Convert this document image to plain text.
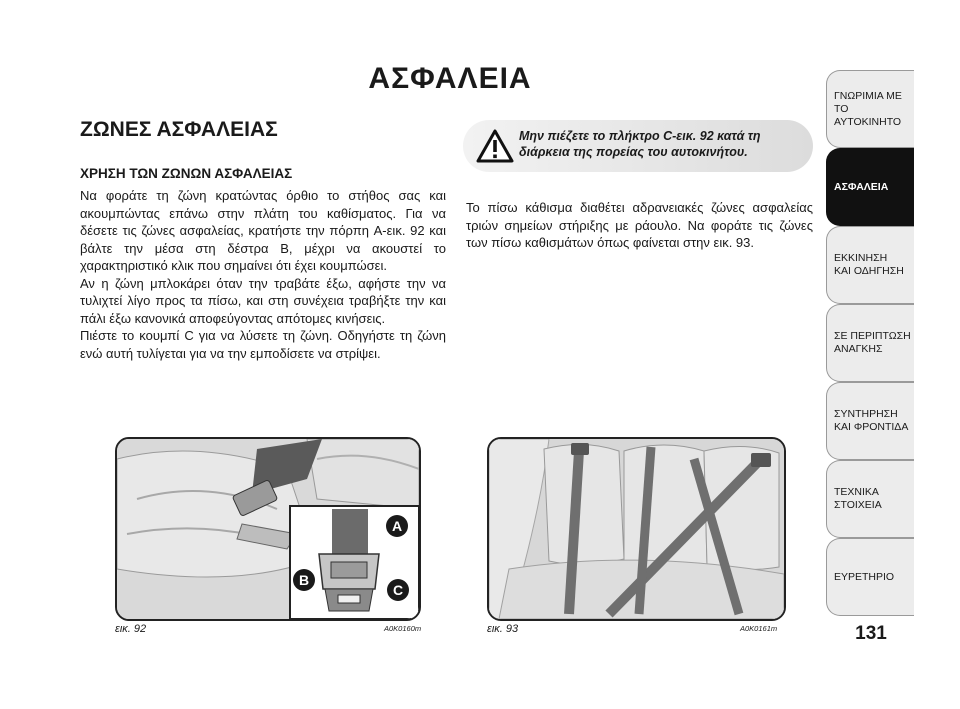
ΑΣΦΑΛΕΙΑ
ΖΩΝΕΣ ΑΣΦΑΛΕΙΑΣ
ΧΡΗΣΗ ΤΩΝ ΖΩΝΩΝ ΑΣΦΑΛΕΙΑΣ

Να φοράτε τη ζώνη κρατώντας όρθιο το στήθος σας και ακουμπώντας επάνω στην πλάτη του καθίσματος. Για να δέσετε τις ζώνες ασφαλείας, κρατήστε την πόρπη A-εικ. 92 και βάλτε την μέσα στη δέστρα B, μέχρι να ακουστεί το χαρακτηριστικό κλικ που σημαίνει ότι έχει κουμπώσει.

Αν η ζώνη μπλοκάρει όταν την τραβάτε έξω, αφήστε την να τυλιχτεί λίγο προς τα πίσω, και στη συνέχεια τραβήξτε την και πάλι έξω κανονικά αποφεύγοντας απότομες κινήσεις.

Πιέστε το κουμπί C για να λύσετε τη ζώνη. Οδηγήστε τη ζώνη ενώ αυτή τυλίγεται για να την εμποδίσετε να στρίψει.

Μην πιέζετε το πλήκτρο C-εικ. 92 κατά τη διάρκεια της πορείας του αυτοκινήτου.

Το πίσω κάθισμα διαθέτει αδρανειακές ζώνες ασφαλείας τριών σημείων στήριξης με ράουλο. Να φοράτε τις ζώνες των πίσω καθισμάτων όπως φαίνεται στην εικ. 93.

A
B
C
εικ. 92	A0K0160m	εικ. 93	A0K0161m
ΓΝΩΡΙΜΙΑ ΜΕ ΤΟ
ΑΥΤΟΚΙΝΗΤΟ
ΑΣΦΑΛΕΙΑ
ΕΚΚΙΝΗΣΗ
ΚΑΙ ΟΔΗΓΗΣΗ
ΣΕ ΠΕΡΙΠΤΩΣΗ
ΑΝΑΓΚΗΣ
ΣΥΝΤΗΡΗΣΗ
ΚΑΙ ΦΡΟΝΤΙΔΑ
ΤΕΧΝΙΚΑ
ΣΤΟΙΧΕΙΑ
ΕΥΡΕΤΗΡΙΟ

131
